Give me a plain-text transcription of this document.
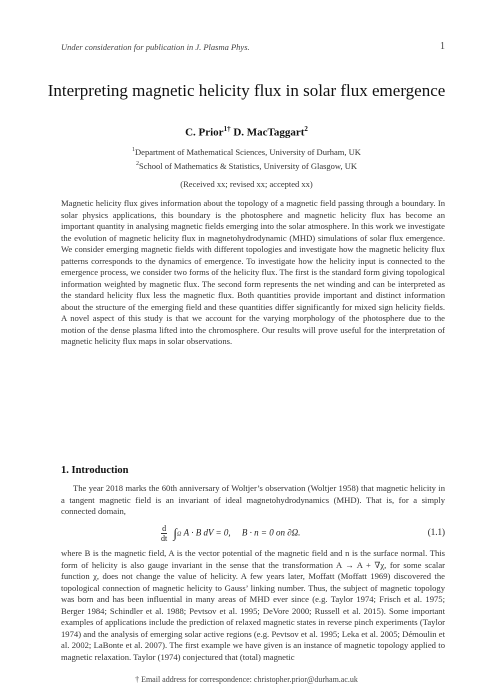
Under consideration for publication in J. Plasma Phys.	1
Interpreting magnetic helicity flux in solar flux emergence
C. Prior$^{1\dagger}$ D. MacTaggart$^2$
$^1$Department of Mathematical Sciences, University of Durham, UK
$^2$School of Mathematics & Statistics, University of Glasgow, UK
(Received xx; revised xx; accepted xx)
Magnetic helicity flux gives information about the topology of a magnetic field passing through a boundary. In solar physics applications, this boundary is the photosphere and magnetic helicity flux has become an important quantity in analysing magnetic fields emerging into the solar atmosphere. In this work we investigate the evolution of magnetic helicity flux in magnetohydrodynamic (MHD) simulations of solar flux emergence. We consider emerging magnetic fields with different topologies and investigate how the magnetic helicity flux patterns corresponds to the dynamics of emergence. To investigate how the helicity input is connected to the emergence process, we consider two forms of the helicity flux. The first is the standard form giving topological information weighted by magnetic flux. The second form represents the net winding and can be interpreted as the standard helicity flux less the magnetic flux. Both quantities provide important and distinct information about the structure of the emerging field and these quantities differ significantly for mixed sign helicity fields. A novel aspect of this study is that we account for the varying morphology of the photosphere due to the motion of the dense plasma lifted into the chromosphere. Our results will prove useful for the interpretation of magnetic helicity flux maps in solar observations.
1. Introduction
The year 2018 marks the 60th anniversary of Woltjer’s observation (Woltjer 1958) that magnetic helicity in a tangent magnetic field is an invariant of ideal magnetohydrodynamics (MHD). That is, for a simply connected domain,
$\frac{d}{dt} \int\Omega$ A · B dV = 0, B · n = 0 on ∂Ω.	(1.1)
where B is the magnetic field, A is the vector potential of the magnetic field and n is the surface normal. This form of helicity is also gauge invariant in the sense that the transformation A → A + ∇χ, for some scalar function χ, does not change the value of helicity. A few years later, Moffatt (Moffatt 1969) discovered the topological connection of magnetic helicity to Gauss’ linking number. Thus, the subject of magnetic topology was born and has been influential in many areas of MHD ever since (e.g. Taylor 1974; Frisch et al. 1975; Berger 1984; Schindler et al. 1988; Pevtsov et al. 1995; DeVore 2000; Russell et al. 2015). Some important examples of applications include the prediction of relaxed magnetic states in reverse pinch experiments (Taylor 1974) and the analysis of emerging solar active regions (e.g. Pevtsov et al. 1995; Leka et al. 2005; Démoulin et al. 2002; LaBonte et al. 2007). The first example we have given is an instance of magnetic topology applied to magnetic relaxation. Taylor (1974) conjectured that (total) magnetic
† Email address for correspondence: christopher.prior@durham.ac.uk
